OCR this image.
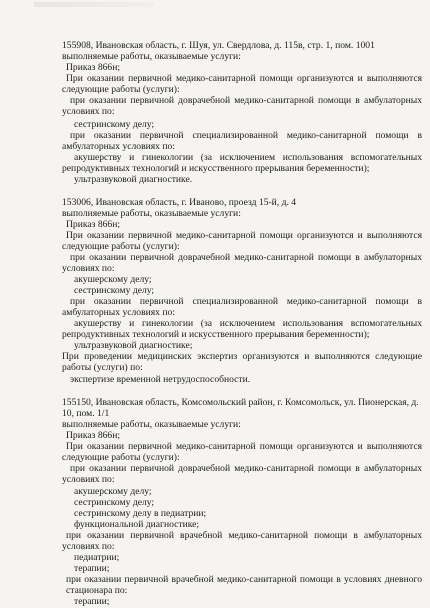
155908, Ивановская область, г. Шуя, ул. Свердлова, д. 115в, стр. 1, пом. 1001
выполняемые работы, оказываемые услуги:
Приказ 866н;
При оказании первичной медико-санитарной помощи организуются и выполняются
следующие работы (услуги):
при оказании первичной доврачебной медико-санитарной помощи в амбулаторных
условиях по:
сестринскому делу;
при оказании первичной специализированной медико-санитарной помощи в
амбулаторных условиях по:
акушерству и гинекологии (за исключением использования вспомогательных
репродуктивных технологий и искусственного прерывания беременности);
ультразвуковой диагностике.
153006, Ивановская область, г. Иваново, проезд 15-й, д. 4
выполняемые работы, оказываемые услуги:
Приказ 866н;
При оказании первичной медико-санитарной помощи организуются и выполняются
следующие работы (услуги):
при оказании первичной доврачебной медико-санитарной помощи в амбулаторных
условиях по:
акушерскому делу;
сестринскому делу;
при оказании первичной специализированной медико-санитарной помощи в
амбулаторных условиях по:
акушерству и гинекологии (за исключением использования вспомогательных
репродуктивных технологий и искусственного прерывания беременности);
ультразвуковой диагностике;
При проведении медицинских экспертиз организуются и выполняются следующие
работы (услуги) по:
экспертизе временной нетрудоспособности.
155150, Ивановская область, Комсомольский район, г. Комсомольск, ул. Пионерская, д.
10, пом. 1/1
выполняемые работы, оказываемые услуги:
Приказ 866н;
При оказании первичной медико-санитарной помощи организуются и выполняются
следующие работы (услуги):
при оказании первичной доврачебной медико-санитарной помощи в амбулаторных
условиях по:
акушерскому делу;
сестринскому делу;
сестринскому делу в педиатрии;
функциональной диагностике;
при оказании первичной врачебной медико-санитарной помощи в амбулаторных
условиях по:
педиатрии;
терапии;
при оказании первичной врачебной медико-санитарной помощи в условиях дневного
стационара по:
терапии;
